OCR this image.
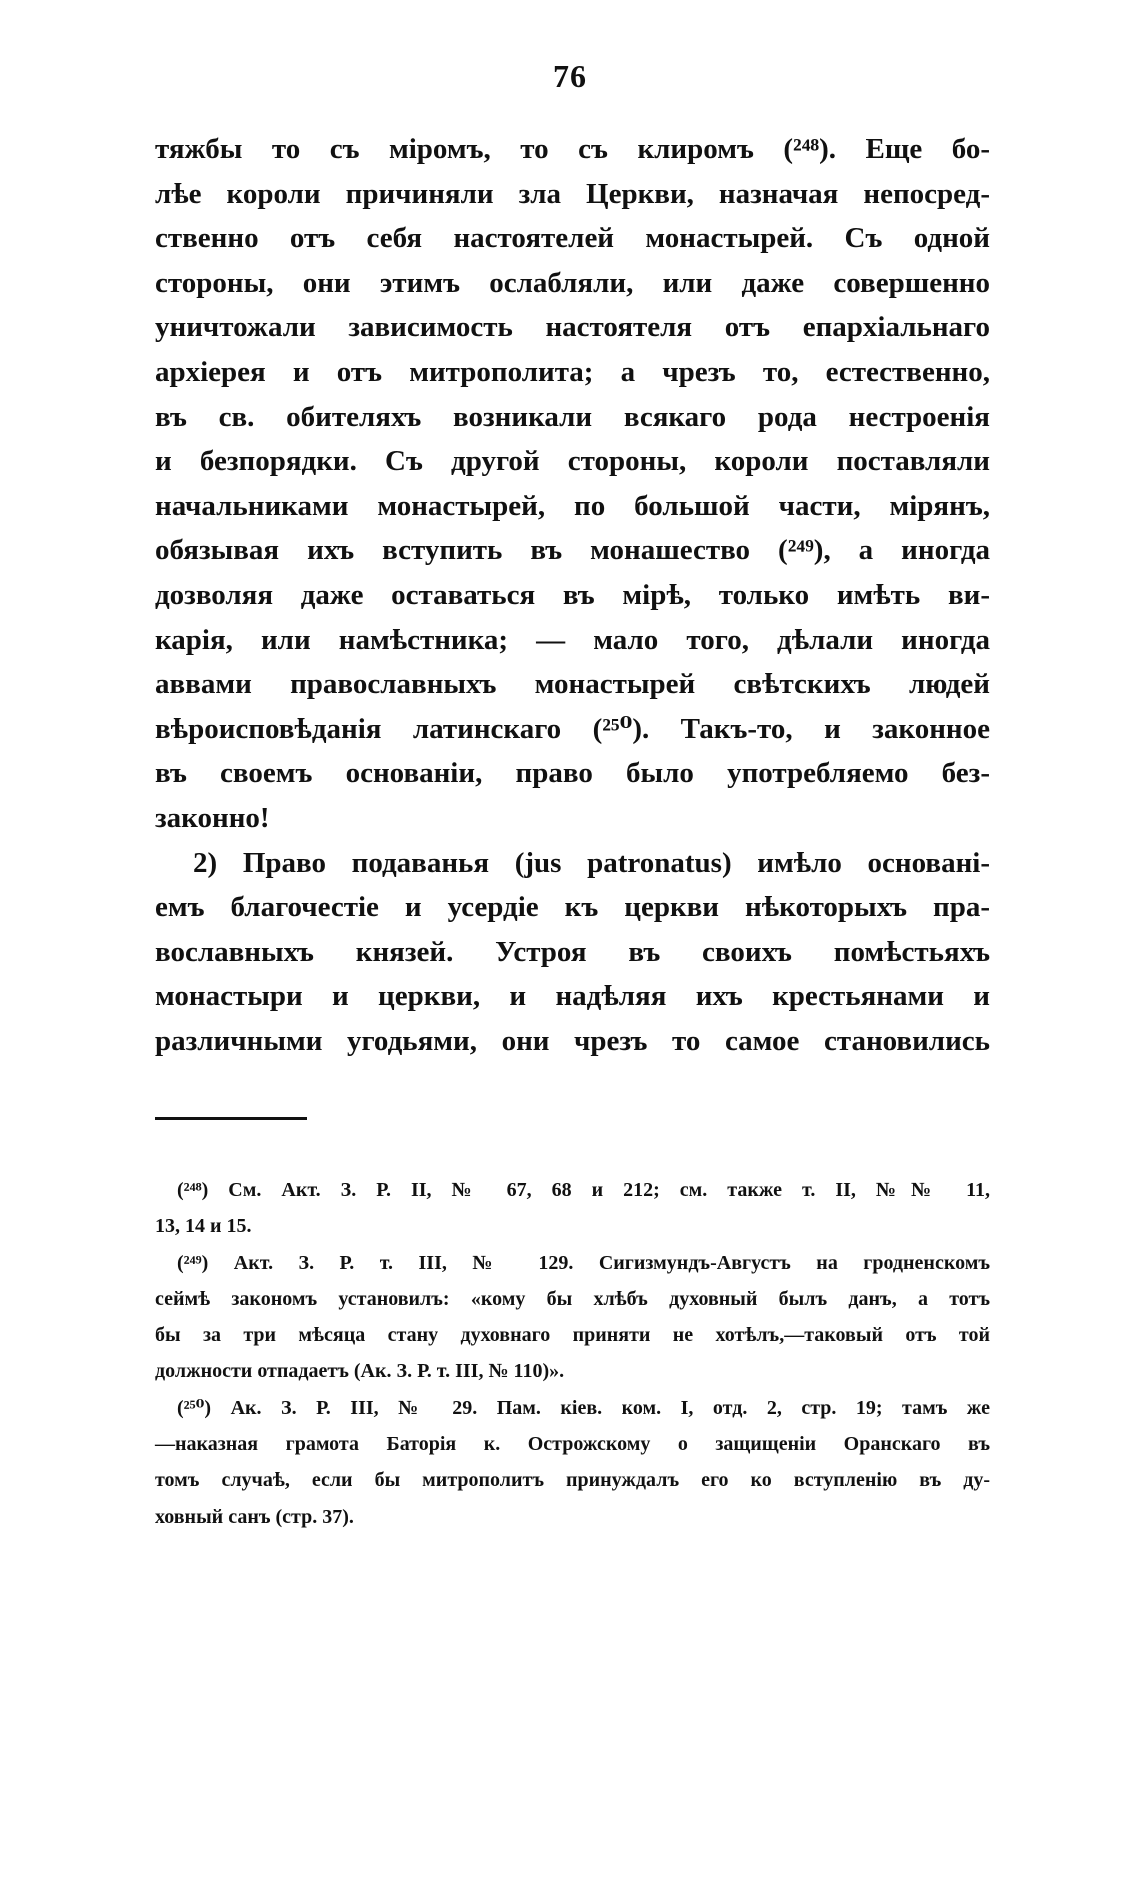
76
тяжбы то съ міромъ, то съ клиромъ (²⁴⁸). Еще бо-
лѣе короли причиняли зла Церкви, назначая непосред-
ственно отъ себя настоятелей монастырей. Съ одной
стороны, они этимъ ослабляли, или даже совершенно
уничтожали зависимость настоятеля отъ епархіальнаго
архіерея и отъ митрополита; а чрезъ то, естественно,
въ св. обителяхъ возникали всякаго рода нестроенія
и безпорядки. Съ другой стороны, короли поставляли
начальниками монастырей, по большой части, мірянъ,
обязывая ихъ вступить въ монашество (²⁴⁹), а иногда
дозволяя даже оставаться въ мірѣ, только имѣть ви-
карія, или намѣстника; — мало того, дѣлали иногда
аввами православныхъ монастырей свѣтскихъ людей
вѣроисповѣданія латинскаго (²⁵⁰). Такъ-то, и законное
въ своемъ основаніи, право было употребляемо без-
законно!
2) Право подаванья (jus patronatus) имѣло основані-
емъ благочестіе и усердіе къ церкви нѣкоторыхъ пра-
вославныхъ князей. Устроя въ своихъ помѣстьяхъ
монастыри и церкви, и надѣляя ихъ крестьянами и
различными угодьями, они чрезъ то самое становились
(²⁴⁸) См. Акт. З. Р. II, № 67, 68 и 212; см. также т. II, №№ 11,
13, 14 и 15.
(²⁴⁹) Акт. З. Р. т. III, № 129. Сигизмундъ-Августъ на гродненскомъ
сеймѣ закономъ установилъ: «кому бы хлѣбъ духовный былъ данъ, а тотъ
бы за три мѣсяца стану духовнаго приняти не хотѣлъ,—таковый отъ той
должности отпадаетъ (Ак. З. Р. т. III, № 110)».
(²⁵⁰) Ак. З. Р. III, № 29. Пам. кіев. ком. I, отд. 2, стр. 19; тамъ же
—наказная грамота Баторія к. Острожскому о защищеніи Оранскаго въ
томъ случаѣ, если бы митрополитъ принуждалъ его ко вступленію въ ду-
ховный санъ (стр. 37).
